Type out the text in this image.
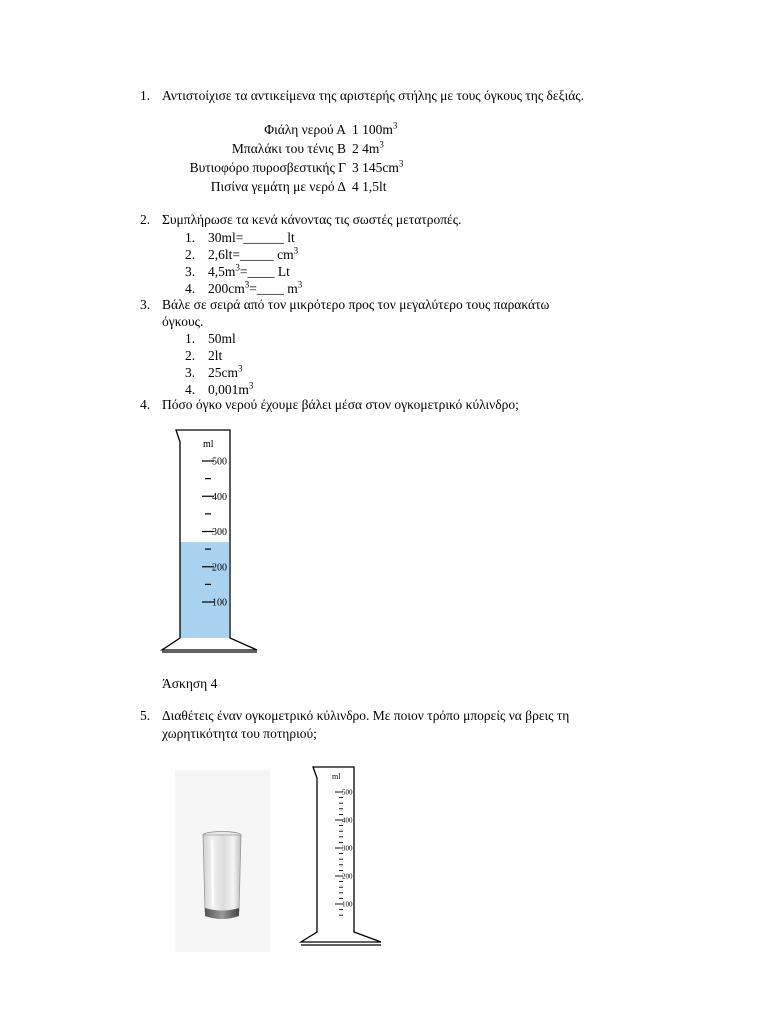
1. Αντιστοίχισε τα αντικείμενα της αριστερής στήλης με τους όγκους της δεξιάς.
Φιάλη νερού Α 1 $100m^3$
Μπαλάκι του τένις Β 2 $4m^3$
Βυτιοφόρο πυροσβεστικής Γ 3 $145cm^3$
Πισίνα γεμάτη με νερό Δ 4 1,5lt
2. Συμπλήρωσε τα κενά κάνοντας τις σωστές μετατροπές.
1. 30ml=______ lt
2. 2,6lt=_____ $cm^3$
3. $4,5m^3=\_\_\_\_$ Lt
4. $200cm^3=\_\_\_\_$ $m^3$
3. Βάλε σε σειρά από τον μικρότερο προς τον μεγαλύτερο τους παρακάτω
όγκους.
1. 50ml
2. 2lt
3. $25cm^3$
4. $0,001m^3$
4. Πόσο όγκο νερού έχουμε βάλει μέσα στον ογκομετρικό κύλινδρο;
ml
500
400
300
200
100
Άσκηση 4
5. Διαθέτεις έναν ογκομετρικό κύλινδρο. Με ποιον τρόπο μπορείς να βρεις τη
χωρητικότητα του ποτηριού;
ml
500
400
300
200
100
